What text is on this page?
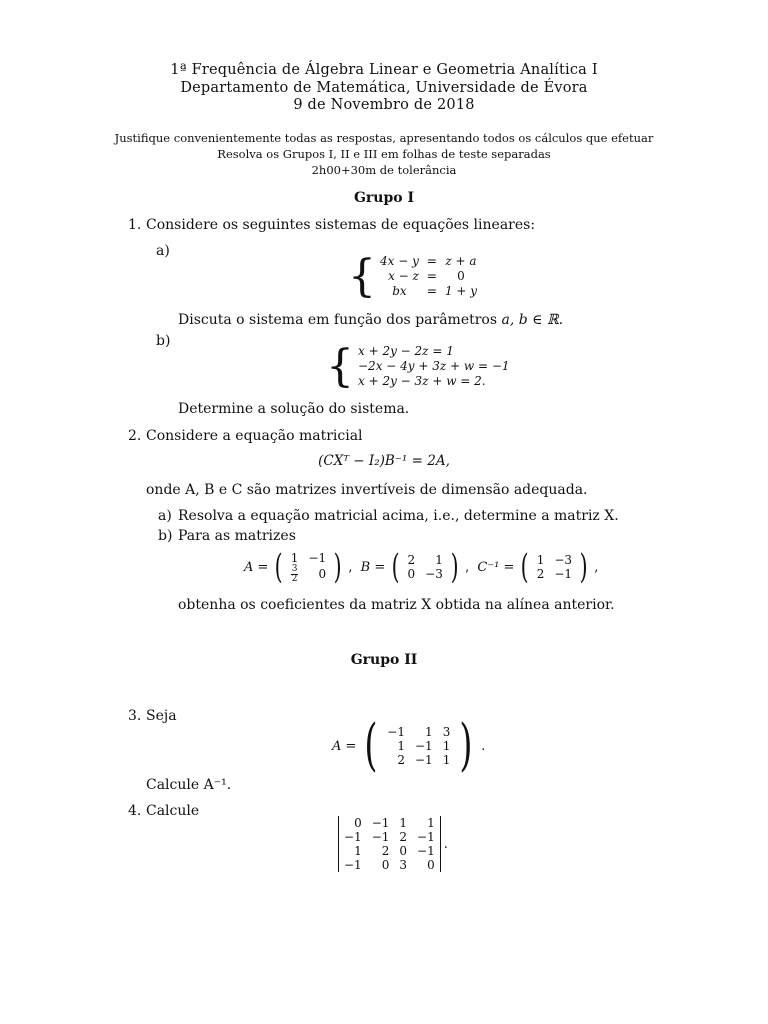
1ª Frequência de Álgebra Linear e Geometria Analítica I
Departamento de Matemática, Universidade de Évora
9 de Novembro de 2018
Justifique convenientemente todas as respostas, apresentando todos os cálculos que efetuar
Resolva os Grupos I, II e III em folhas de teste separadas
2h00+30m de tolerância
Grupo I
1. Considere os seguintes sistemas de equações lineares:
a)	{ 4x − y	=	z + a
x − z	=	0
bx	=	1 + y
Discuta o sistema em função dos parâmetros a, b ∈ ℝ.
b)	{ x + 2y − 2z = 1
−2x − 4y + 3z + w = −1
x + 2y − 3z + w = 2.
Determine a solução do sistema.
2. Considere a equação matricial
(CXᵀ − I₂)B⁻¹ = 2A,
onde A, B e C são matrizes invertíveis de dimensão adequada.
a) Resolva a equação matricial acima, i.e., determine a matriz X.
b) Para as matrizes
A = ( 1	−1

$\frac{3}{2}$	0 ) , B = ( 2	1
0	−3 ) , C⁻¹ = ( 1	−3
2	−1 ) ,
obtenha os coeficientes da matriz X obtida na alínea anterior.
Grupo II
3. Seja
A = ( −1	1	3
1	−1	1
2	−1	1 ) .
Calcule A⁻¹.
4. Calcule
0	−1	1	1
−1	−1	2	−1
1	2	0	−1
−1	0	3	0
.
